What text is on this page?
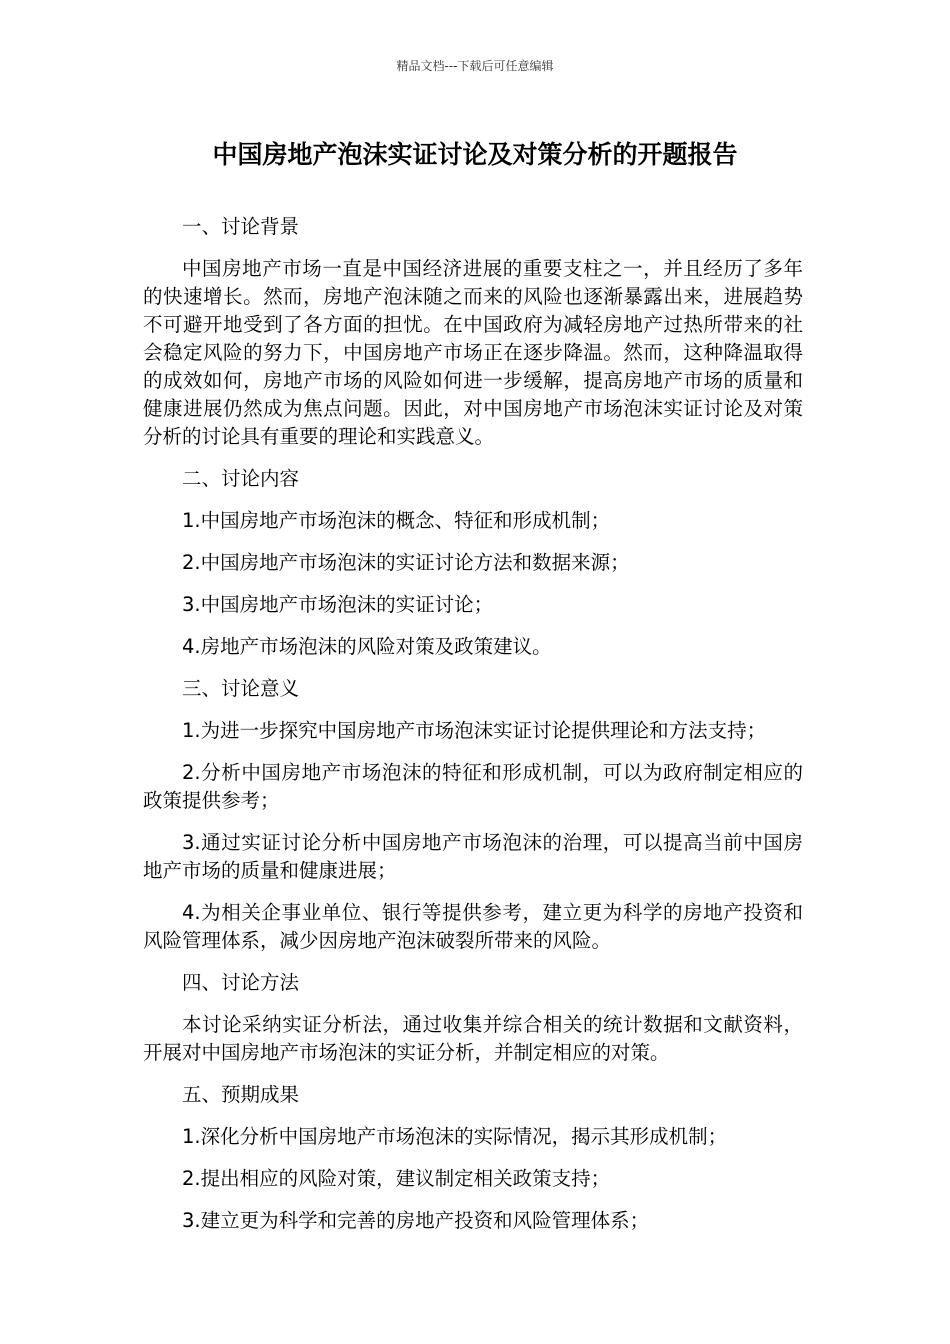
精品文档---下载后可任意编辑
中国房地产泡沫实证讨论及对策分析的开题报告

一、讨论背景

中国房地产市场一直是中国经济进展的重要支柱之一，并且经历了多年的快速增长。然而，房地产泡沫随之而来的风险也逐渐暴露出来，进展趋势不可避开地受到了各方面的担忧。在中国政府为减轻房地产过热所带来的社会稳定风险的努力下，中国房地产市场正在逐步降温。然而，这种降温取得的成效如何，房地产市场的风险如何进一步缓解，提高房地产市场的质量和健康进展仍然成为焦点问题。因此，对中国房地产市场泡沫实证讨论及对策分析的讨论具有重要的理论和实践意义。

二、讨论内容

1.中国房地产市场泡沫的概念、特征和形成机制；

2.中国房地产市场泡沫的实证讨论方法和数据来源；

3.中国房地产市场泡沫的实证讨论；

4.房地产市场泡沫的风险对策及政策建议。

三、讨论意义

1.为进一步探究中国房地产市场泡沫实证讨论提供理论和方法支持；

2.分析中国房地产市场泡沫的特征和形成机制，可以为政府制定相应的政策提供参考；

3.通过实证讨论分析中国房地产市场泡沫的治理，可以提高当前中国房地产市场的质量和健康进展；

4.为相关企事业单位、银行等提供参考，建立更为科学的房地产投资和风险管理体系，减少因房地产泡沫破裂所带来的风险。

四、讨论方法

本讨论采纳实证分析法，通过收集并综合相关的统计数据和文献资料，开展对中国房地产市场泡沫的实证分析，并制定相应的对策。

五、预期成果

1.深化分析中国房地产市场泡沫的实际情况，揭示其形成机制；

2.提出相应的风险对策，建议制定相关政策支持；

3.建立更为科学和完善的房地产投资和风险管理体系；
